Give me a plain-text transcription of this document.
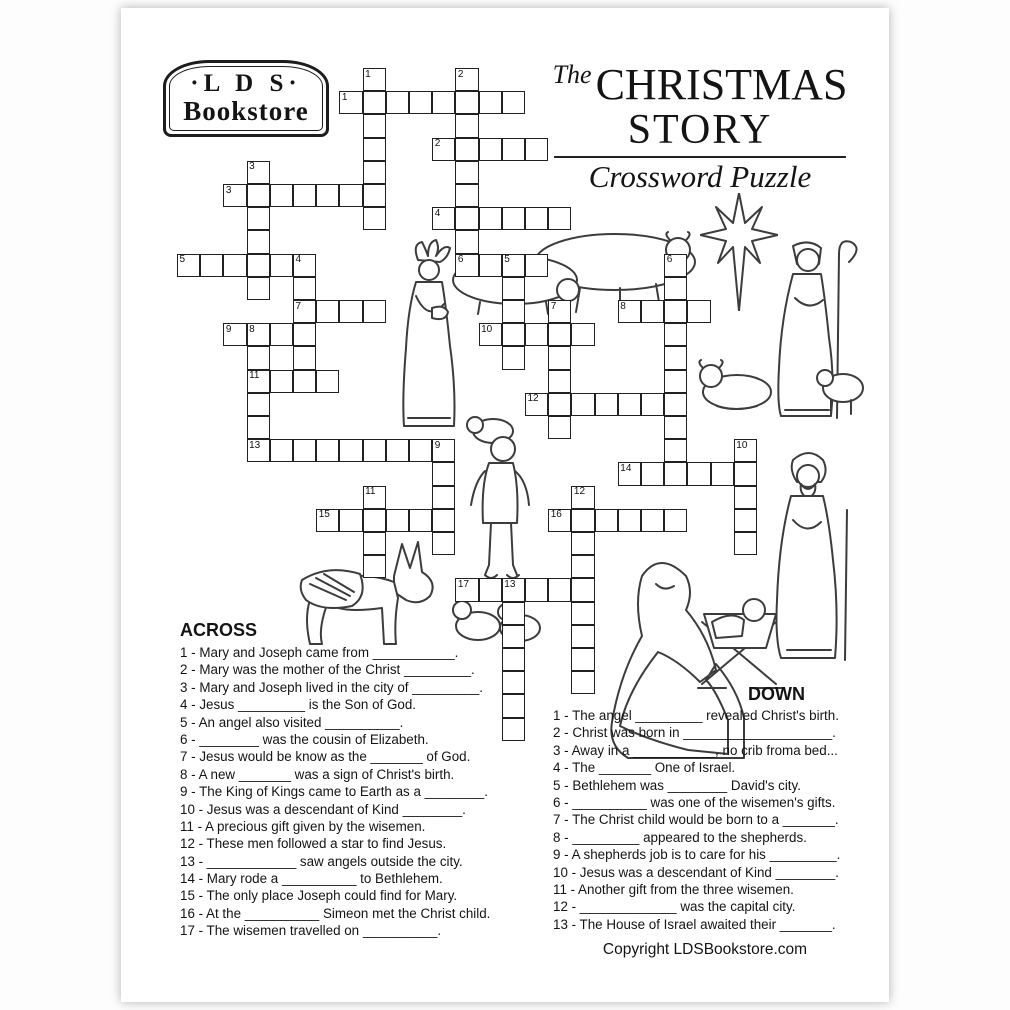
·L D S·
Bookstore
$^{The}$CHRISTMAS
STORY
Crossword Puzzle
1
2
3
4
5	4	6	5
7	8
9 8	10
11
12
13	9
14
15	16
17	13
1	2
3
6
7
10
11	12
ACROSS
1 - Mary and Joseph came from ___________.
2 - Mary was the mother of the Christ _________.
3 - Mary and Joseph lived in the city of _________.
4 - Jesus _________ is the Son of God.
5 - An angel also visited __________.
6 - ________ was the cousin of Elizabeth.
7 - Jesus would be know as the _______ of God.
8 - A new _______ was a sign of Christ's birth.
9 - The King of Kings came to Earth as a ________.
10 - Jesus was a descendant of Kind ________.
11 - A precious gift given by the wisemen.
12 - These men followed a star to find Jesus.
13 - ____________ saw angels outside the city.
14 - Mary rode a __________ to Bethlehem.
15 - The only place Joseph could find for Mary.
16 - At the __________ Simeon met the Christ child.
17 - The wisemen travelled on __________.
DOWN
1 - The angel _________ revealed Christ's birth.
2 - Christ was born in ____________________.
3 - Away in a ___________, no crib froma bed...
4 - The _______ One of Israel.
5 - Bethlehem was ________ David's city.
6 - __________ was one of the wisemen's gifts.
7 - The Christ child would be born to a _______.
8 - _________ appeared to the shepherds.
9 - A shepherds job is to care for his _________.
10 - Jesus was a descendant of Kind ________.
11 - Another gift from the three wisemen.
12 - _____________ was the capital city.
13 - The House of Israel awaited their _______.
Copyright LDSBookstore.com
